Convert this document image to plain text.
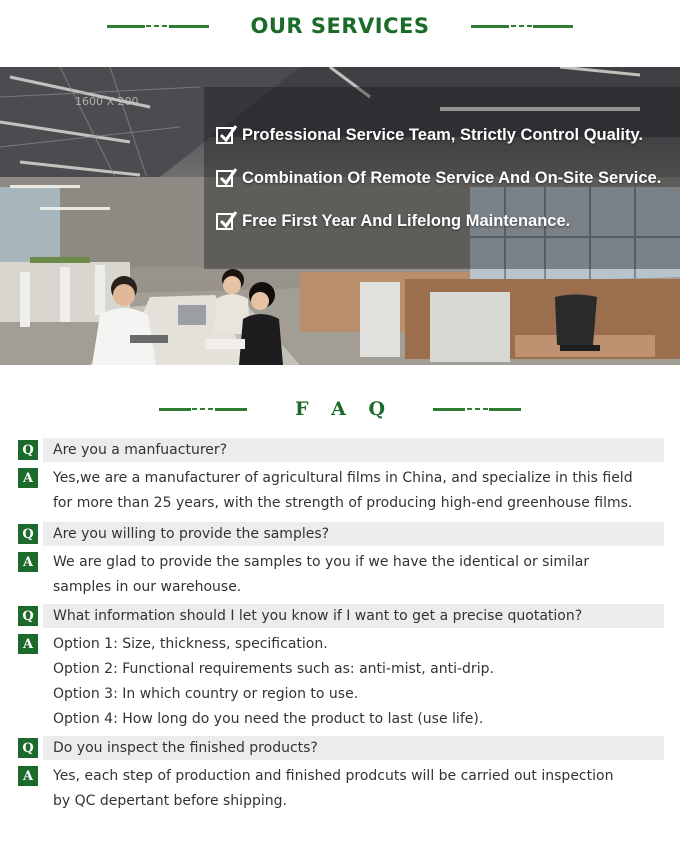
OUR SERVICES
1600 X 200
Professional Service Team, Strictly Control Quality.
Combination Of Remote Service And On-Site Service.
Free First Year And Lifelong Maintenance.
F A Q
Q	Are you a manfuacturer?
A	Yes,we are a manufacturer of agricultural films in China, and specialize in this field
for more than 25 years, with the strength of producing high-end greenhouse films.
Q	Are you willing to provide the samples?
A	We are glad to provide the samples to you if we have the identical or similar
samples in our warehouse.
Q	What information should I let you know if I want to get a precise quotation?
A	Option 1: Size, thickness, specification.
Option 2: Functional requirements such as: anti-mist, anti-drip.
Option 3: In which country or region to use.
Option 4: How long do you need the product to last (use life).
Q	Do you inspect the finished products?
A	Yes, each step of production and finished prodcuts will be carried out inspection
by QC depertant before shipping.
